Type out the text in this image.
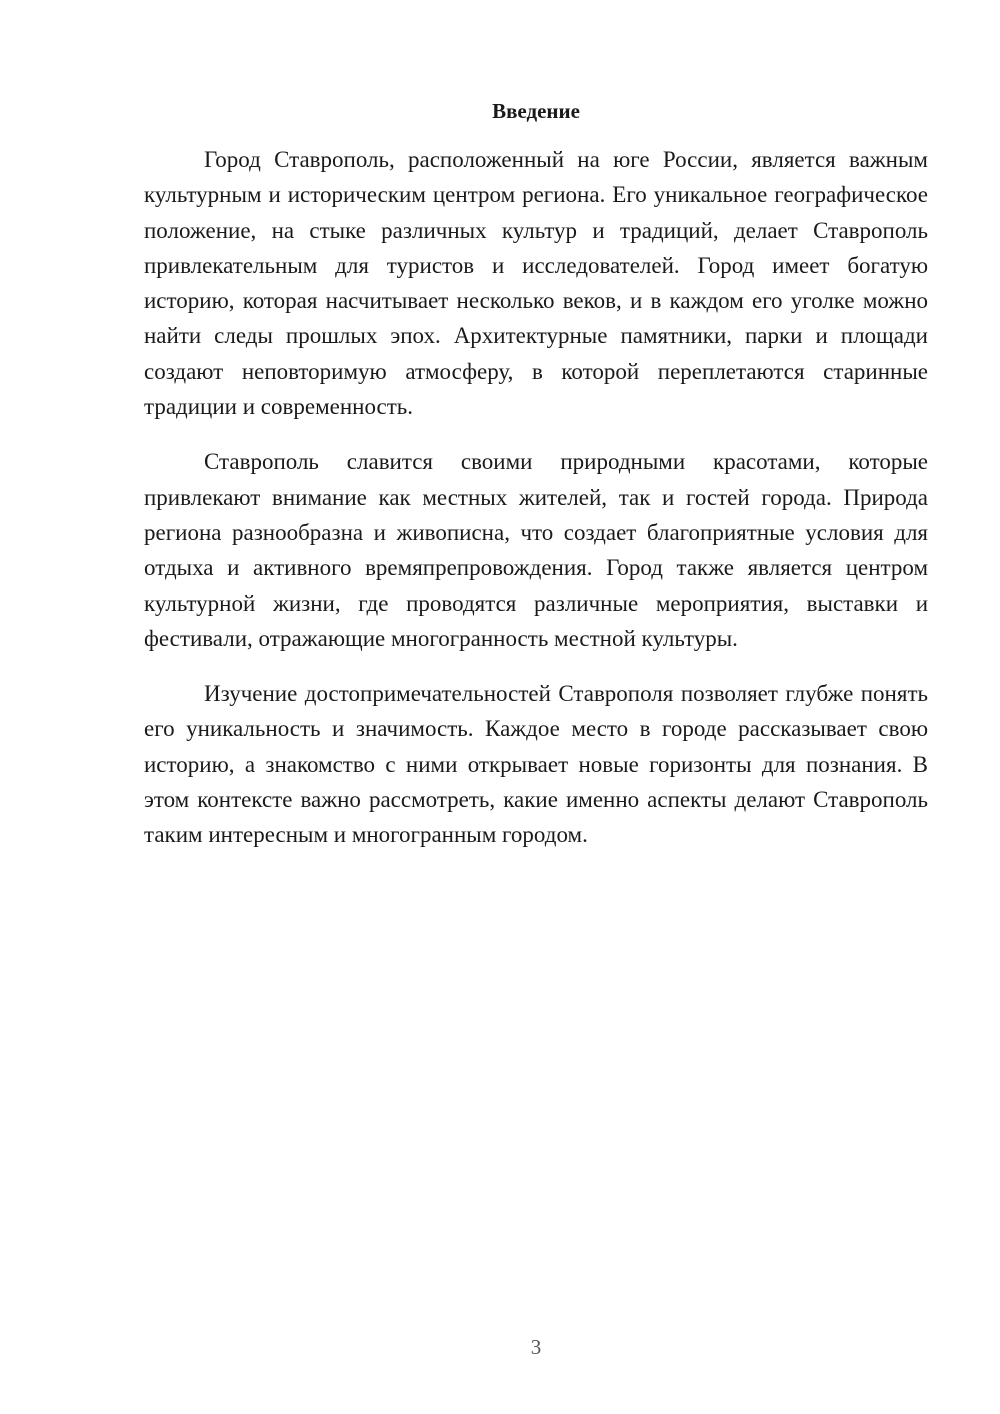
Введение

Город Ставрополь, расположенный на юге России, является важным культурным и историческим центром региона. Его уникальное географическое положение, на стыке различных культур и традиций, делает Ставрополь привлекательным для туристов и исследователей. Город имеет богатую историю, которая насчитывает несколько веков, и в каждом его уголке можно найти следы прошлых эпох. Архитектурные памятники, парки и площади создают неповторимую атмосферу, в которой переплетаются старинные традиции и современность.

Ставрополь славится своими природными красотами, которые привлекают внимание как местных жителей, так и гостей города. Природа региона разнообразна и живописна, что создает благоприятные условия для отдыха и активного времяпрепровождения. Город также является центром культурной жизни, где проводятся различные мероприятия, выставки и фестивали, отражающие многогранность местной культуры.

Изучение достопримечательностей Ставрополя позволяет глубже понять его уникальность и значимость. Каждое место в городе рассказывает свою историю, а знакомство с ними открывает новые горизонты для познания. В этом контексте важно рассмотреть, какие именно аспекты делают Ставрополь таким интересным и многогранным городом.

3
